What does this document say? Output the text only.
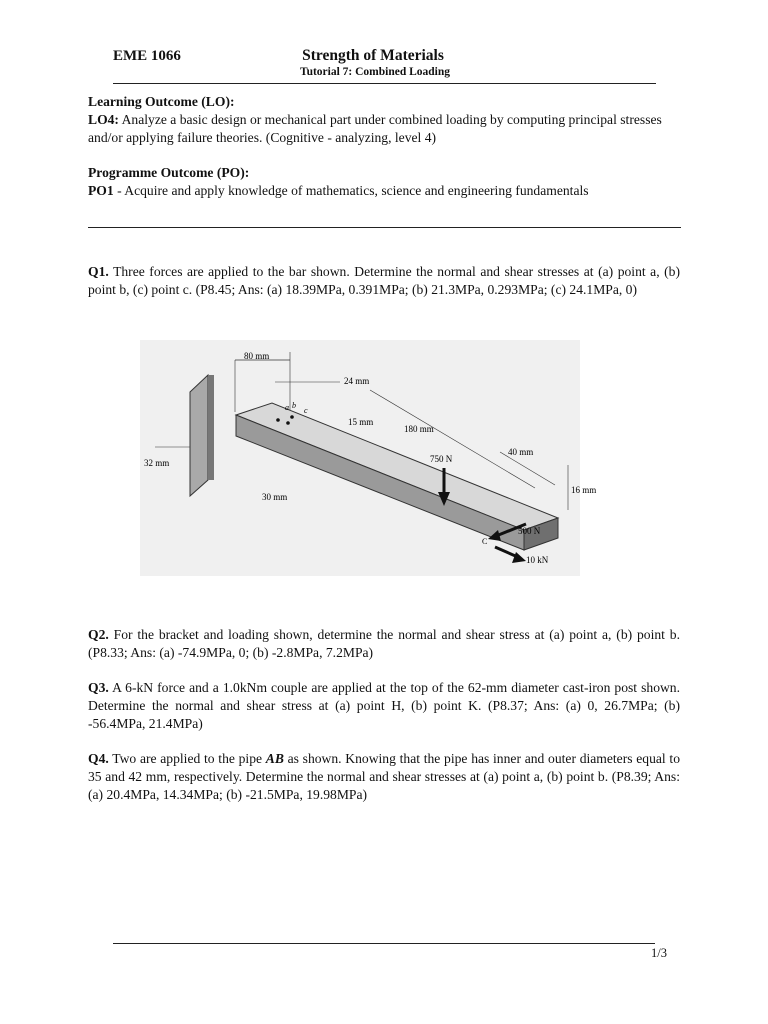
EME 1066	Strength of Materials
Tutorial 7: Combined Loading
Learning Outcome (LO):
LO4: Analyze a basic design or mechanical part under combined loading by computing principal stresses and/or applying failure theories. (Cognitive - analyzing, level 4)
Programme Outcome (PO):
PO1 - Acquire and apply knowledge of mathematics, science and engineering fundamentals
Q1. Three forces are applied to the bar shown. Determine the normal and shear stresses at (a) point a, (b) point b, (c) point c. (P8.45; Ans: (a) 18.39MPa, 0.391MPa; (b) 21.3MPa, 0.293MPa; (c) 24.1MPa, 0)
80 mm
24 mm
15 mm
180 mm
32 mm
30 mm
40 mm
16 mm
750 N
500 N
10 kN
a b
c
C
Q2. For the bracket and loading shown, determine the normal and shear stress at (a) point a, (b) point b. (P8.33; Ans: (a) -74.9MPa, 0; (b) -2.8MPa, 7.2MPa)
Q3. A 6-kN force and a 1.0kNm couple are applied at the top of the 62-mm diameter cast-iron post shown. Determine the normal and shear stress at (a) point H, (b) point K. (P8.37; Ans: (a) 0, 26.7MPa; (b) -56.4MPa, 21.4MPa)
Q4. Two are applied to the pipe AB as shown. Knowing that the pipe has inner and outer diameters equal to 35 and 42 mm, respectively. Determine the normal and shear stresses at (a) point a, (b) point b. (P8.39; Ans: (a) 20.4MPa, 14.34MPa; (b) -21.5MPa, 19.98MPa)
1/3
